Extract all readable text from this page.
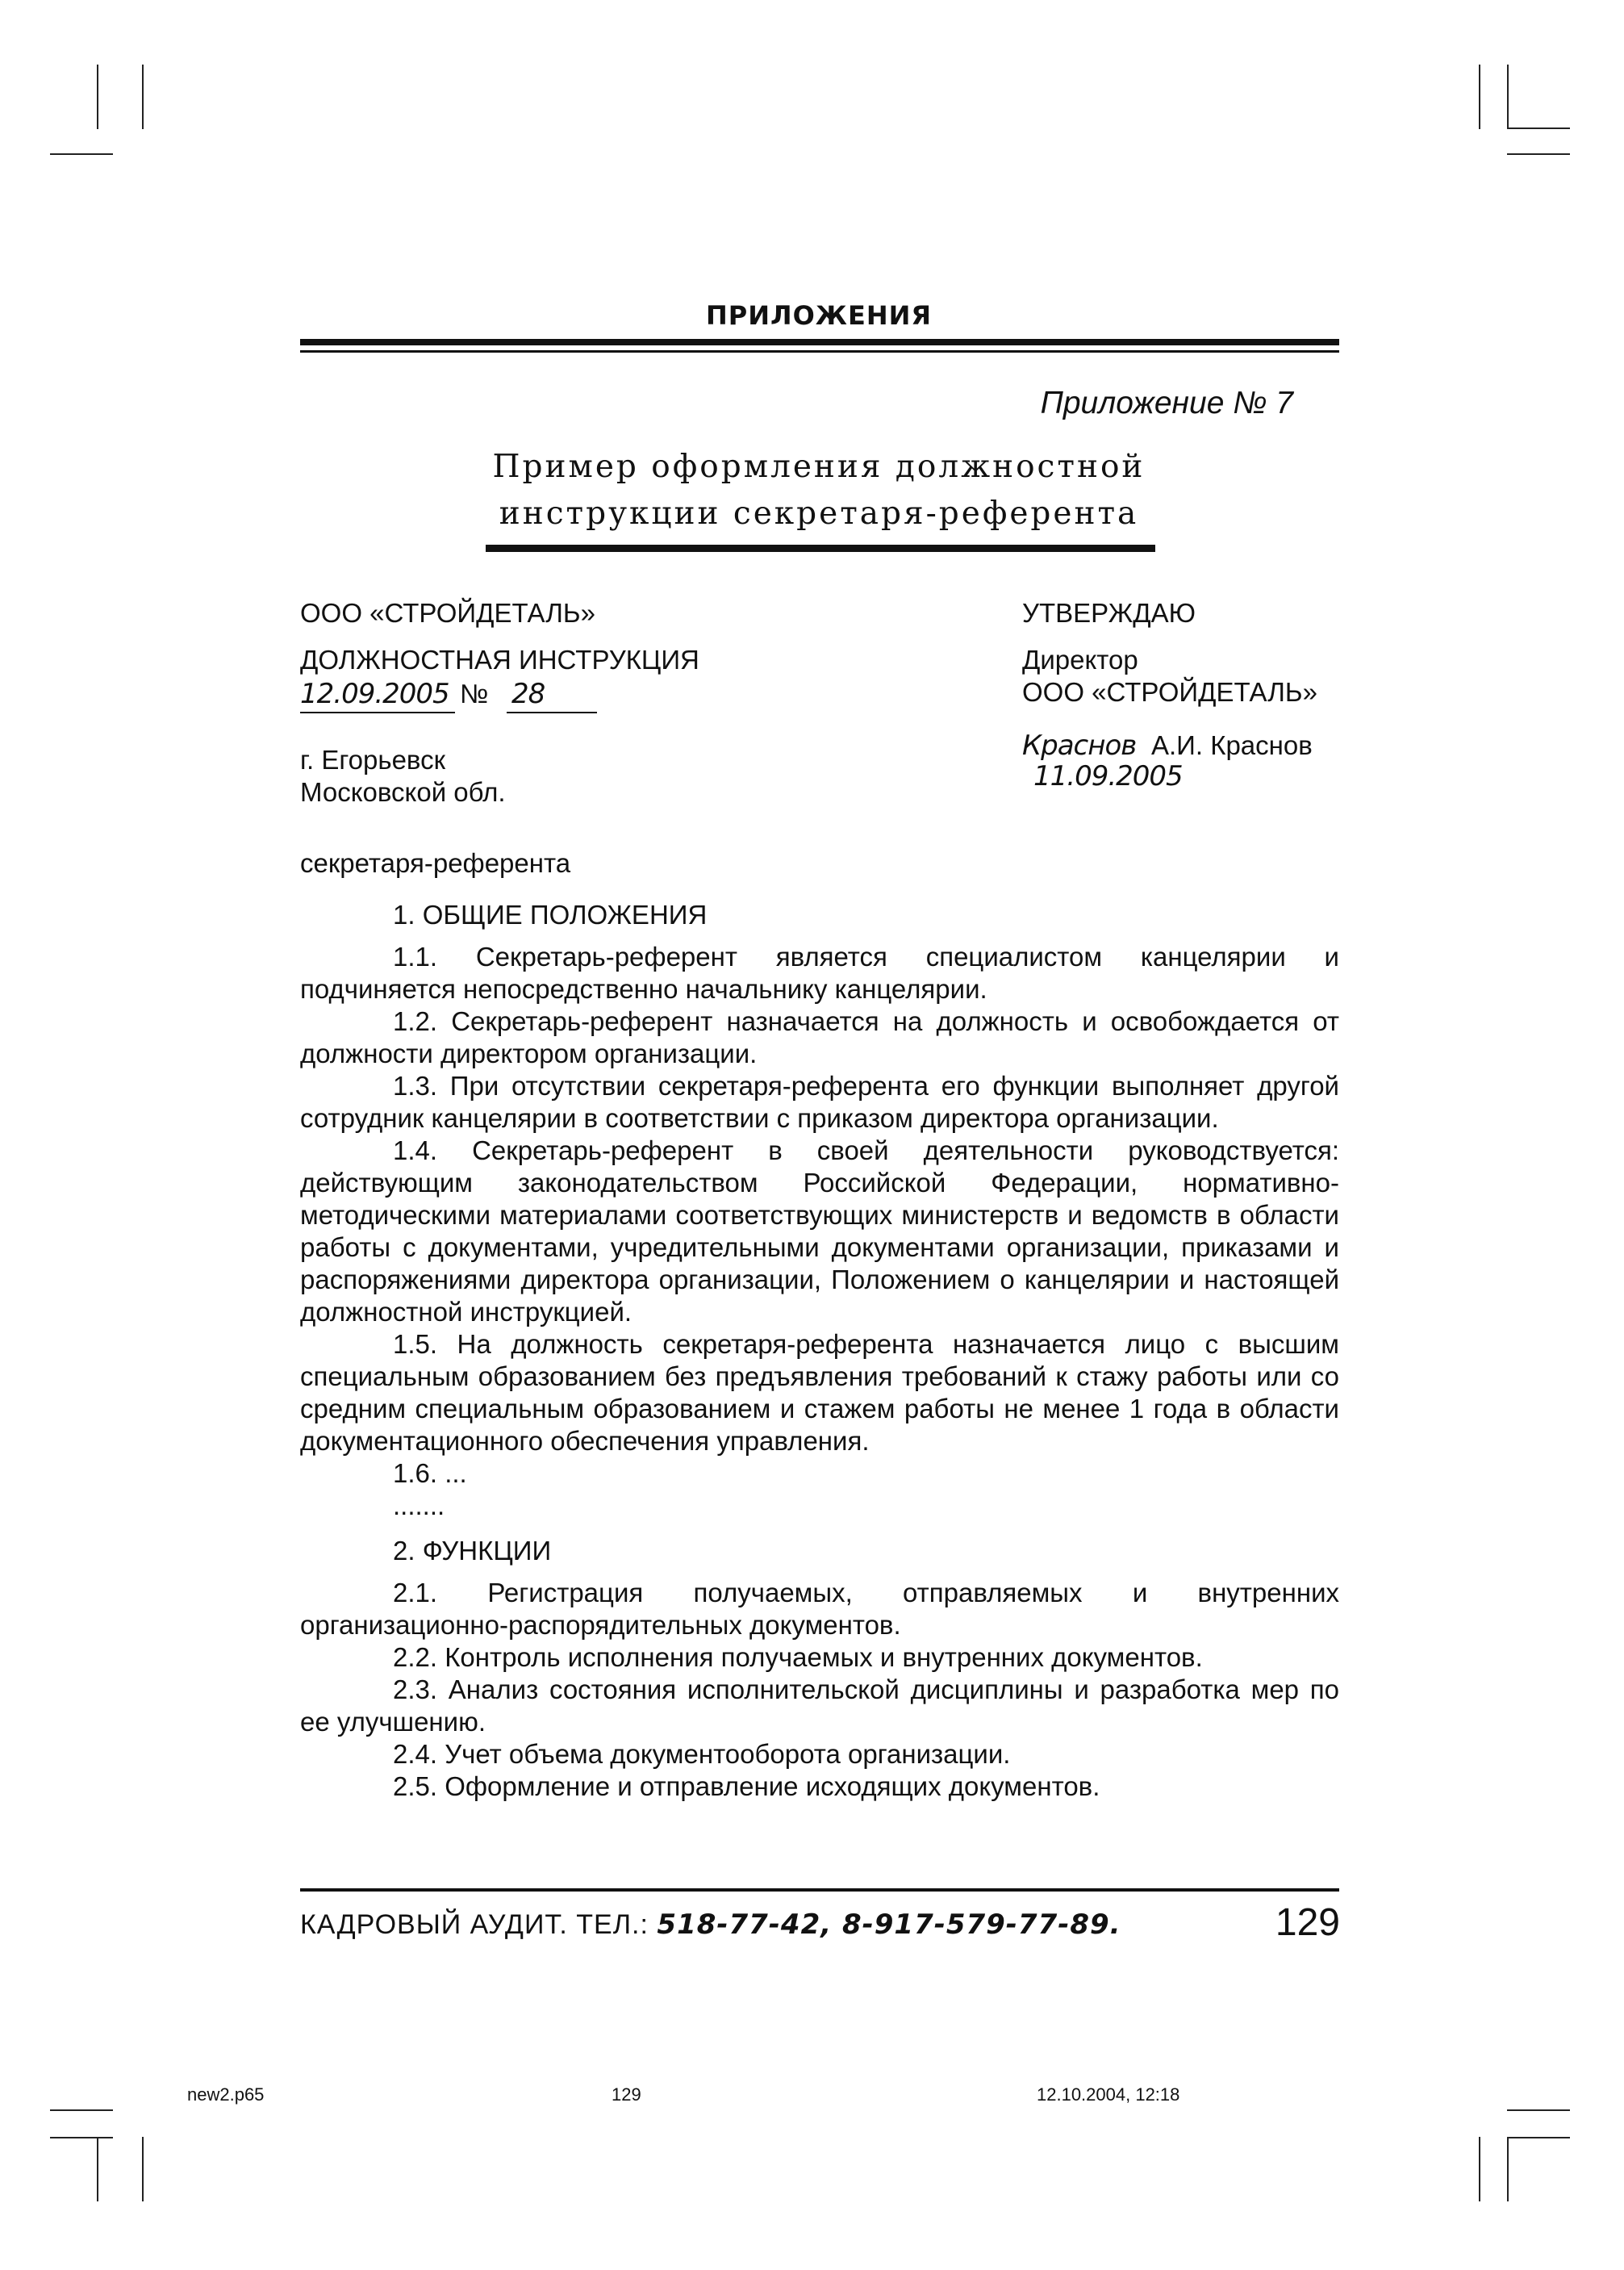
ПРИЛОЖЕНИЯ
Приложение № 7
Пример оформления должностной
инструкции секретаря-референта
ООО «СТРОЙДЕТАЛЬ»
ДОЛЖНОСТНАЯ ИНСТРУКЦИЯ
12.09.2005 № 28
г. Егорьевск
Московской обл.
УТВЕРЖДАЮ
Директор
ООО «СТРОЙДЕТАЛЬ»
Краснов А.И. Краснов
11.09.2005

секретаря-референта

1. ОБЩИЕ ПОЛОЖЕНИЯ

1.1. Секретарь-референт является специалистом канцелярии и подчиняется непосредственно начальнику канцелярии.

1.2. Секретарь-референт назначается на должность и освобождается от должности директором организации.

1.3. При отсутствии секретаря-референта его функции выполняет другой сотрудник канцелярии в соответствии с приказом директора организации.

1.4. Секретарь-референт в своей деятельности руководствуется: действующим законодательством Российской Федерации, нормативно-методическими материалами соответствующих министерств и ведомств в области работы с документами, учредительными документами организации, приказами и распоряжениями директора организации, Положением о канцелярии и настоящей должностной инструкцией.

1.5. На должность секретаря-референта назначается лицо с высшим специальным образованием без предъявления требований к стажу работы или со средним специальным образованием и стажем работы не менее 1 года в области документационного обеспечения управления.

1.6. ...

.......

2. ФУНКЦИИ

2.1. Регистрация получаемых, отправляемых и внутренних организационно-распорядительных документов.

2.2. Контроль исполнения получаемых и внутренних документов.

2.3. Анализ состояния исполнительской дисциплины и разработка мер по ее улучшению.

2.4. Учет объема документооборота организации.

2.5. Оформление и отправление исходящих документов.

КАДРОВЫЙ АУДИТ. ТЕЛ.: 518-77-42, 8-917-579-77-89.	129
new2.p65	129	12.10.2004, 12:18
